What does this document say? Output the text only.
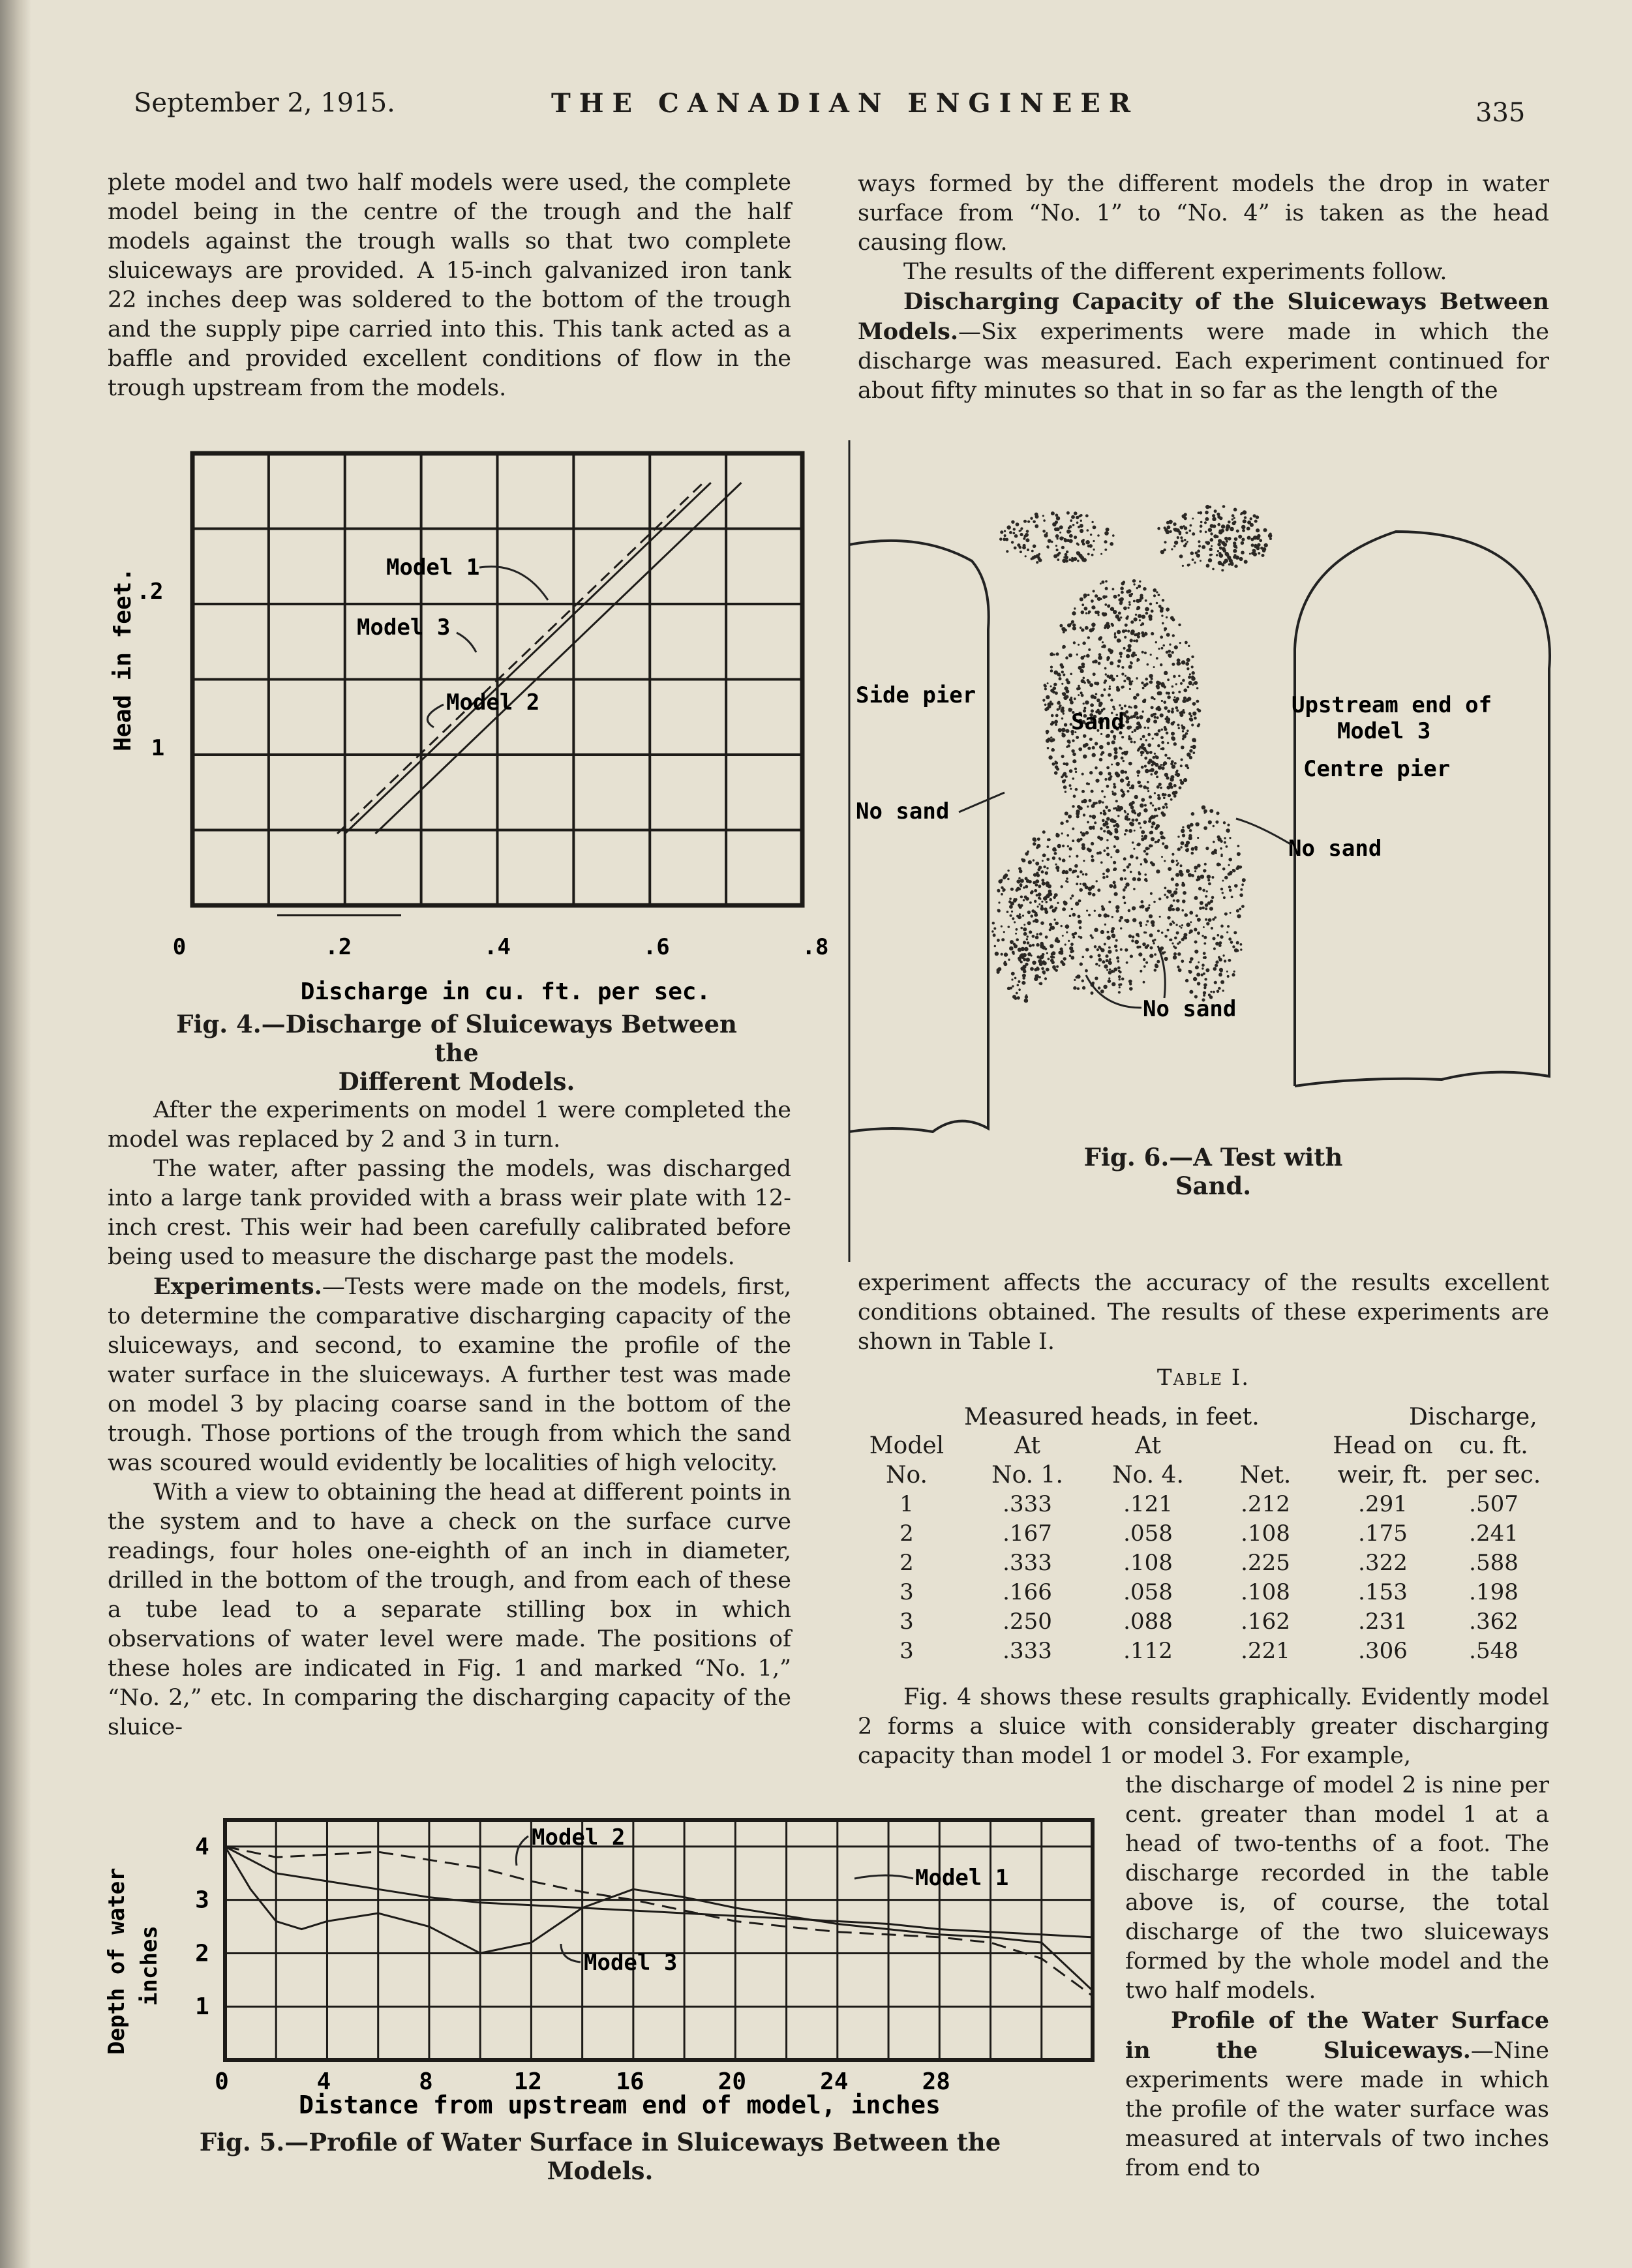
September 2, 1915.	THE CANADIAN ENGINEER	335

plete model and two half models were used, the complete model being in the centre of the trough and the half models against the trough walls so that two complete sluiceways are provided. A 15-inch galvanized iron tank 22 inches deep was soldered to the bottom of the trough and the supply pipe carried into this. This tank acted as a baffle and provided excellent conditions of flow in the trough upstream from the models.

Head in feet. .2
1
0	.2	.4	.6	.8
Discharge in cu. ft. per sec.
Model 1
Model 3
Model 2
Fig. 4.—Discharge of Sluiceways Between the
Different Models.

After the experiments on model 1 were completed the model was replaced by 2 and 3 in turn.

The water, after passing the models, was discharged into a large tank provided with a brass weir plate with 12-inch crest. This weir had been carefully calibrated before being used to measure the discharge past the models.

Experiments.—Tests were made on the models, first, to determine the comparative discharging capacity of the sluiceways, and second, to examine the profile of the water surface in the sluiceways. A further test was made on model 3 by placing coarse sand in the bottom of the trough. Those portions of the trough from which the sand was scoured would evidently be localities of high velocity.

With a view to obtaining the head at different points in the system and to have a check on the surface curve readings, four holes one-eighth of an inch in diameter, drilled in the bottom of the trough, and from each of these a tube lead to a separate stilling box in which observations of water level were made. The positions of these holes are indicated in Fig. 1 and marked “No. 1,” “No. 2,” etc. In comparing the discharging capacity of the sluice-

ways formed by the different models the drop in water surface from “No. 1” to “No. 4” is taken as the head causing flow.

The results of the different experiments follow.

Discharging Capacity of the Sluiceways Between Models.—Six experiments were made in which the discharge was measured. Each experiment continued for about fifty minutes so that in so far as the length of the

Side pier
Sand
No sand
Upstream end of
Model 3
Centre pier
No sand
No sand
Fig. 6.—A Test with Sand.

experiment affects the accuracy of the results excellent conditions obtained. The results of these experiments are shown in Table I.

Table I.
Measured heads, in feet.	Discharge,
Model	At	At		Head on	cu. ft.
No.	No. 1.	No. 4.	Net.	weir, ft.	per sec.
1	.333	.121	.212	.291	.507
2	.167	.058	.108	.175	.241
2	.333	.108	.225	.322	.588
3	.166	.058	.108	.153	.198
3	.250	.088	.162	.231	.362
3	.333	.112	.221	.306	.548

Fig. 4 shows these results graphically. Evidently model 2 forms a sluice with considerably greater discharging capacity than model 1 or model 3. For example,

the discharge of model 2 is nine per cent. greater than model 1 at a head of two-tenths of a foot. The discharge recorded in the table above is, of course, the total discharge of the two sluiceways formed by the whole model and the two half models.

Profile of the Water Surface in the Sluiceways.—Nine experiments were made in which the profile of the water surface was measured at intervals of two inches from end to

1
2
3
4
0	4	8	12	16	20	24	28
Depth of water inches
Distance from upstream end of model, inches
Model 2
Model 1
Model 3
Fig. 5.—Profile of Water Surface in Sluiceways Between the Models.
